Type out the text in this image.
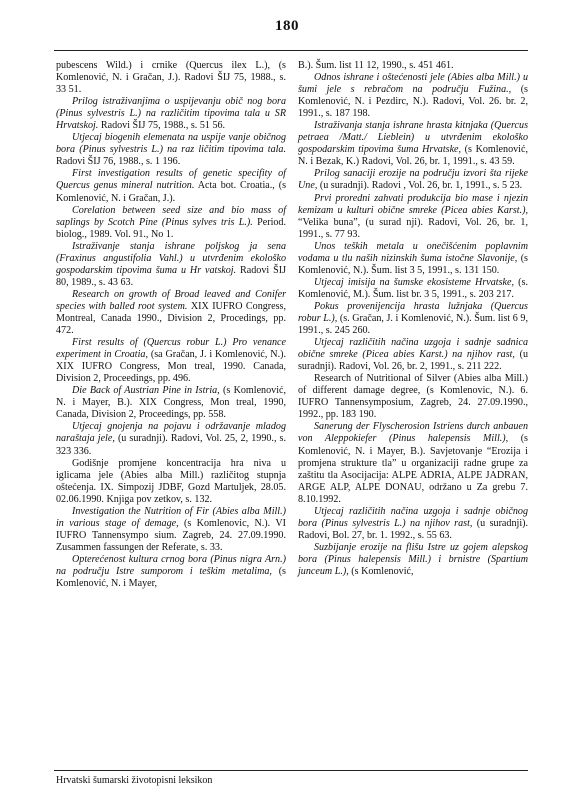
180

pubescens Wild.) i crnike (Quercus ilex L.), (s Komlenović, N. i Gračan, J.). Radovi ŠIJ 75, 1988., s. 33 51.

Prilog istraživanjima o uspijevanju obič nog bora (Pinus sylvestris L.) na različitim tipovima tala u SR Hrvatskoj. Radovi ŠIJ 75, 1988., s. 51 56.

Utjecaj biogenih elemenata na uspije vanje običnog bora (Pinus sylvestris L.) na raz ličitim tipovima tala. Radovi ŠIJ 76, 1988., s. 1 196.

First investigation results of genetic specifity of Quercus genus mineral nutrition. Acta bot. Croatia., (s Komlenović, N. i Gračan, J.).

Corelation between seed size and bio mass of saplings by Scotch Pine (Pinus sylves tris L.). Period. biolog., 1989. Vol. 91., No 1.

Istraživanje stanja ishrane poljskog ja sena (Fraxinus angustifolia Vahl.) u utvrđenim ekološko gospodarskim tipovima šuma u Hr vatskoj. Radovi ŠIJ 80, 1989., s. 43 63.

Research on growth of Broad leaved and Conifer species with balled root system. XIX IUFRO Congress, Montreal, Canada 1990., Division 2, Procedings, pp. 472.

First results of (Quercus robur L.) Pro venance experiment in Croatia, (sa Gračan, J. i Komlenović, N.). XIX IUFRO Congress, Mon treal, 1990. Canada, Division 2, Proceedings, pp. 496.

Die Back of Austrian Pine in Istria, (s Komlenović, N. i Mayer, B.). XIX Congress, Mon treal, 1990, Canada, Division 2, Proceedings, pp. 558.

Utjecaj gnojenja na pojavu i održavanje mladog naraštaja jele, (u suradnji). Radovi, Vol. 25, 2, 1990., s. 323 336.

Godišnje promjene koncentracija hra niva u iglicama jele (Abies alba Mill.) različitog stupnja oštećenja. IX. Simpozij JDBF, Gozd Martuljek, 28.05. 02.06.1990. Knjiga pov zetkov, s. 132.

Investigation the Nutrition of Fir (Abies alba Mill.) in various stage of demage, (s Komlenovic, N.). VI IUFRO Tannensympo sium. Zagreb, 24. 27.09.1990. Zusammen fassungen der Referate, s. 33.

Opterećenost kultura crnog bora (Pinus nigra Arn.) na području Istre sumporom i teškim metalima, (s Komlenović, N. i Mayer,

B.). Šum. list 11 12, 1990., s. 451 461.

Odnos ishrane i oštećenosti jele (Abies alba Mill.) u šumi jele s rebračom na području Fužina., (s Komlenović, N. i Pezdirc, N.). Radovi, Vol. 26. br. 2, 1991., s. 187 198.

Istraživanja stanja ishrane hrasta kitnjaka (Quercus petraea /Matt./ Lieblein) u utvrđenim ekološko gospodarskim tipovima šuma Hrvatske, (s Komlenović, N. i Bezak, K.) Radovi, Vol. 26, br. 1, 1991., s. 43 59.

Prilog sanaciji erozije na području izvori šta rijeke Une, (u suradnji). Radovi , Vol. 26, br. 1, 1991., s. 5 23.

Prvi proredni zahvati produkcija bio mase i njezin kemizam u kulturi obične smreke (Picea abies Karst.), “Velika buna”, (u surad nji). Radovi, Vol. 26, br. 1, 1991., s. 77 93.

Unos teških metala u onečišćenim poplavnim vodama u tlu naših nizinskih šuma istočne Slavonije, (s Komlenović, N.). Šum. list 3 5, 1991., s. 131 150.

Utjecaj imisija na šumske ekosisteme Hrvatske, (s. Komlenović, M.). Šum. list br. 3 5, 1991., s. 203 217.

Pokus provenijencija hrasta lužnjaka (Quercus robur L.), (s. Gračan, J. i Komlenović, N.). Šum. list 6 9, 1991., s. 245 260.

Utjecaj različitih načina uzgoja i sadnje sadnica obične smreke (Picea abies Karst.) na njihov rast, (u suradnji). Radovi, Vol. 26, br. 2, 1991., s. 211 222.

Research of Nutritional of Silver (Abies alba Mill.) of different damage degree, (s Komlenovic, N.). 6. IUFRO Tannensymposium, Zagreb, 24. 27.09.1990., 1992., pp. 183 190.

Sanerung der Flyscherosion Istriens durch anbauen von Aleppokiefer (Pinus halepensis Mill.), (s Komlenović, N. i Mayer, B.). Savjetovanje “Erozija i promjena strukture tla” u organizaciji radne grupe za zaštitu tla Asocijacija: ALPE ADRIA, ALPE JADRAN, ARGE ALP, ALPE DONAU, održano u Za grebu 7. 8.10.1992.

Utjecaj različitih načina uzgoja i sadnje običnog bora (Pinus sylvestris L.) na njihov rast, (u suradnji). Radovi, Bol. 27, br. 1. 1992., s. 55 63.

Suzbijanje erozije na flišu Istre uz gojem alepskog bora (Pinus halepensis Mill.) i brnistre (Spartium junceum L.), (s Komlenović,

Hrvatski šumarski životopisni leksikon
